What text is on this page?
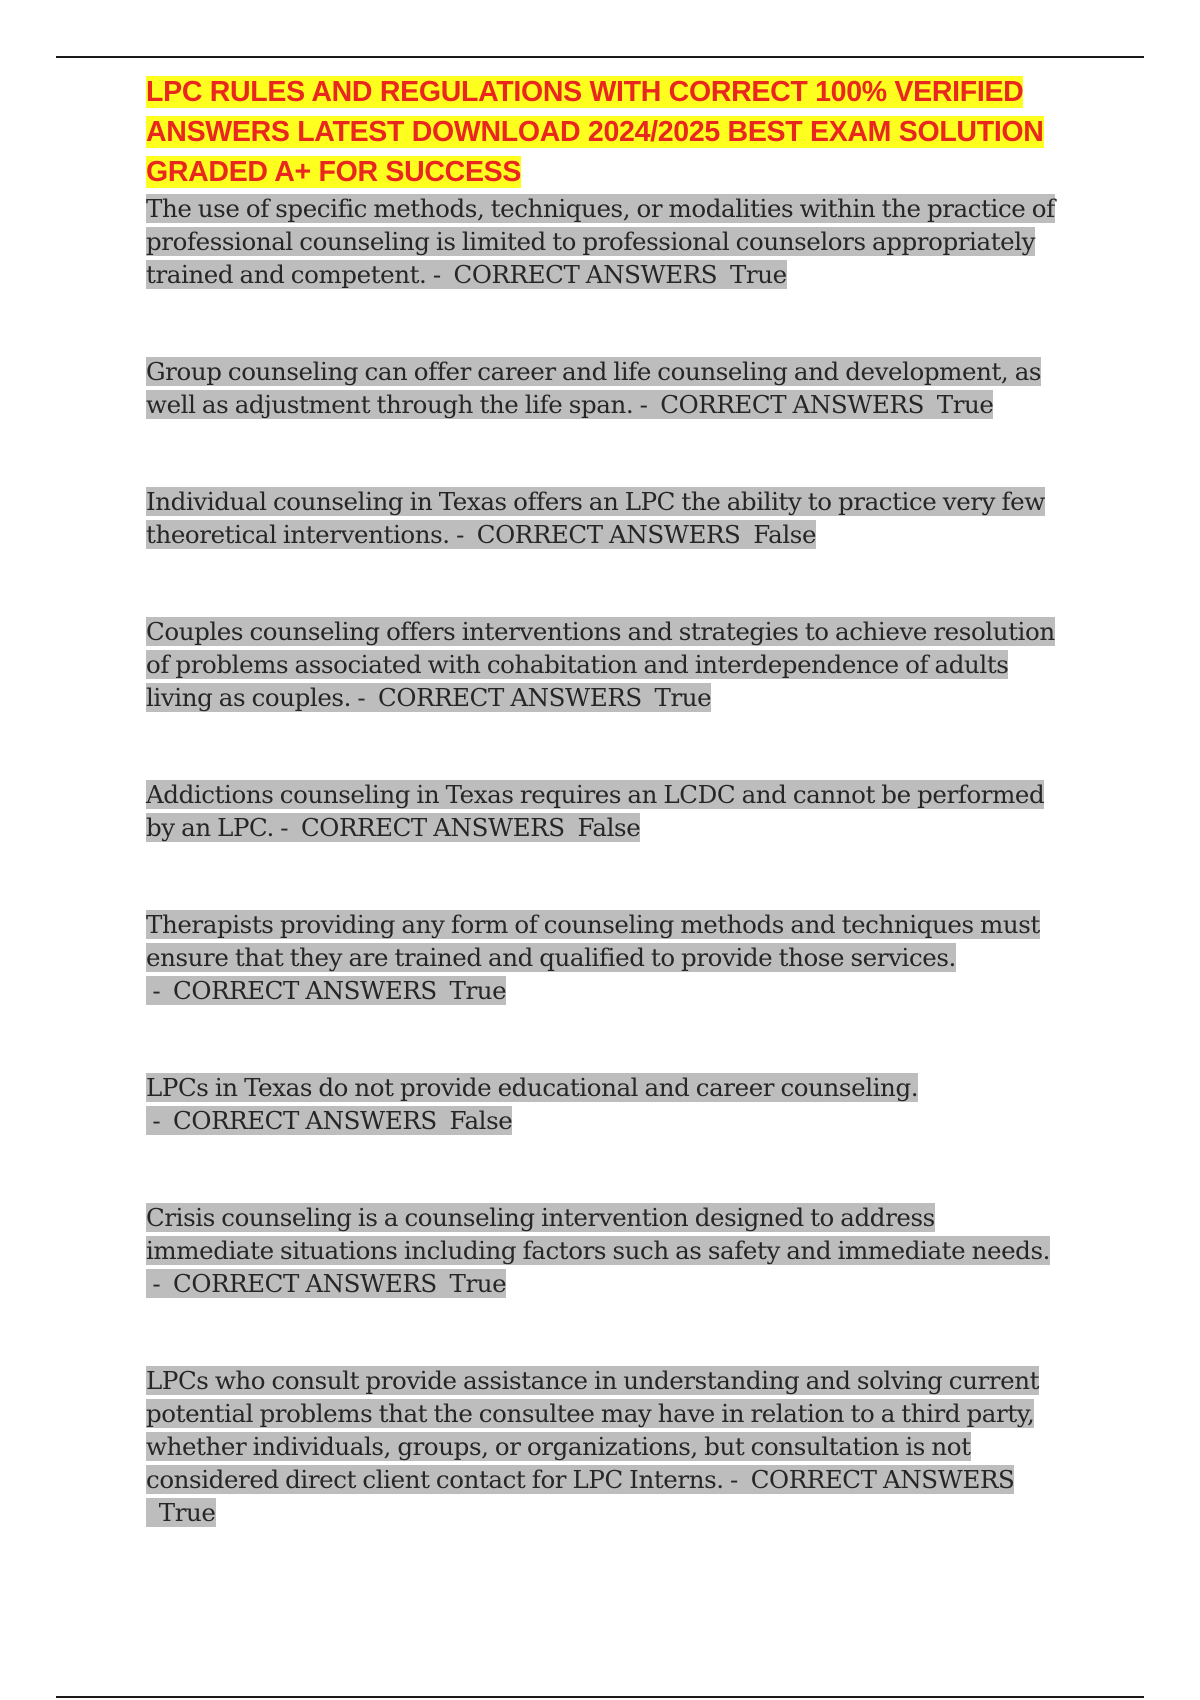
LPC RULES AND REGULATIONS WITH CORRECT 100% VERIFIED ANSWERS LATEST DOWNLOAD 2024/2025 BEST EXAM SOLUTION GRADED A+ FOR SUCCESS
The use of specific methods, techniques, or modalities within the practice of professional counseling is limited to professional counselors appropriately trained and competent. -  CORRECT ANSWERS True
Group counseling can offer career and life counseling and development, as well as adjustment through the life span. -  CORRECT ANSWERS True
Individual counseling in Texas offers an LPC the ability to practice very few theoretical interventions. -  CORRECT ANSWERS False
Couples counseling offers interventions and strategies to achieve resolution of problems associated with cohabitation and interdependence of adults living as couples. -  CORRECT ANSWERS True
Addictions counseling in Texas requires an LCDC and cannot be performed by an LPC. -  CORRECT ANSWERS False
Therapists providing any form of counseling methods and techniques must ensure that they are trained and qualified to provide those services. -  CORRECT ANSWERS True
LPCs in Texas do not provide educational and career counseling. -  CORRECT ANSWERS False
Crisis counseling is a counseling intervention designed to address immediate situations including factors such as safety and immediate needs. -  CORRECT ANSWERS True
LPCs who consult provide assistance in understanding and solving current potential problems that the consultee may have in relation to a third party, whether individuals, groups, or organizations, but consultation is not considered direct client contact for LPC Interns. -  CORRECT ANSWERS  True
